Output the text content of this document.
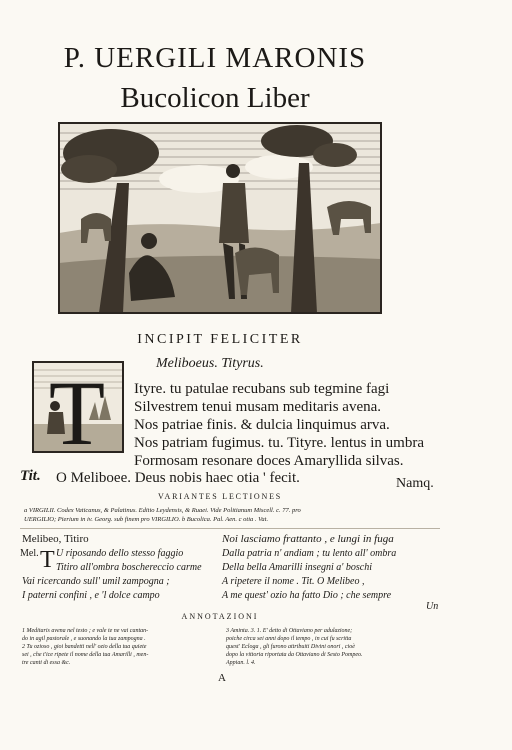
P. UERGILI MARONIS
Bucolicon Liber
INCIPIT FELICITER
Meliboeus. Tityrus.
T Ityre. tu patulae recubans sub tegmine fagi
Silvestrem tenui musam meditaris avena.
Nos patriae finis. & dulcia linquimus arva.
Nos patriam fugimus. tu. Tityre. lentus in umbra
Formosam resonare doces Amaryllida silvas.
Tit. O Meliboee. Deus nobis haec otia ' fecit.	Namq.
VARIANTES LECTIONES
a VIRGILII. Codex Vaticanus, & Palatinus. Editio Leydensis, & Ruaei. Vide Politianum Miscell. c. 77. pro
UERGILIO; Pierium in iv. Georg. sub finem pro VIRGILIO. b Bucolica. Pal. Aen. c otia . Vat.
Melibeo, Titiro	Noi lasciamo frattanto , e lungi in fuga
Mel. T U riposando dello stesso faggio
Titiro all'ombra boschereccio carme
Vai ricercando sull' umil zampogna ;
I paterni confini , e 'l dolce campo
Dalla patria n' andiam ; tu lento all' ombra
Della bella Amarilli insegni a' boschi
A ripetere il nome . Tit. O Melibeo ,
A me quest' ozio ha fatto Dio ; che sempre
Un
ANNOTAZIONI
1 Meditaris avena nel testo ; e vale te ne vai cantan-
do in agil pastorale , e suonando la tua zampogna .
2 Tu ozioso , gioi bandetti nell' ozio della tua quiete
sei , che t'ice ripete il nome della tua Amarilli , men-
tre canti di essa &c.
3 Aminta. 3. 1. E' detto di Ottaviano per adulazione;
poiche circa sei anni dopo il tempo , in cui fu scritta
quest' Ecloga , gli furono attribuiti Divini onori , cioè
dopo la vittoria riportata da Ottaviano di Sesto Pompeo.
Appian. l. 4.
A
